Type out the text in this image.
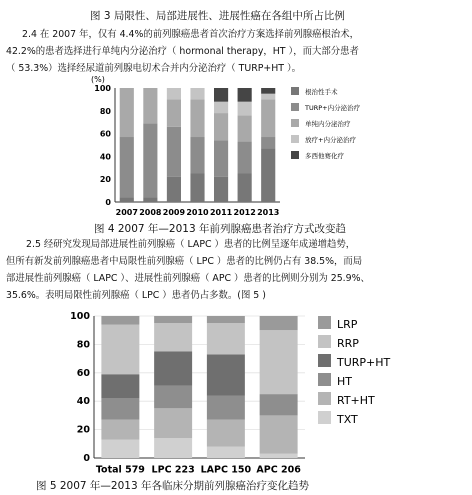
图 3 局限性、局部进展性、进展性癌在各组中所占比例
2.4 在 2007 年，仅有 4.4%的前列腺癌患者首次治疗方案选择前列腺癌根治术，
42.2%的患者选择进行单纯内分泌治疗（ hormonal therapy，HT ），而大部分患者
（ 53.3%）选择经尿道前列腺电切术合并内分泌治疗（ TURP+HT ）。
(%)
0
20
40
60
80
100
2007 2008 2009 2010 2011 2012 2013
根治性手术
TURP+内分泌治疗
单纯内分泌治疗
放疗+内分泌治疗
多西他赛化疗
图 4 2007 年—2013 年前列腺癌患者治疗方式改变趋
2.5 经研究发现局部进展性前列腺癌（ LAPC ）患者的比例呈逐年成递增趋势，
但所有新发前列腺癌患者中局限性前列腺癌（ LPC ）患者的比例仍占有 38.5%，而局
部进展性前列腺癌（ LAPC ）、进展性前列腺癌（ APC ）患者的比例则分别为 25.9%、
35.6%。表明局限性前列腺癌（ LPC ）患者仍占多数。(图 5 )
0
20
40
60
80
100
Total 579 LPC 223 LAPC 150 APC 206
LRP
RRP
TURP+HT
HT
RT+HT
TXT
图 5 2007 年—2013 年各临床分期前列腺癌治疗变化趋势
